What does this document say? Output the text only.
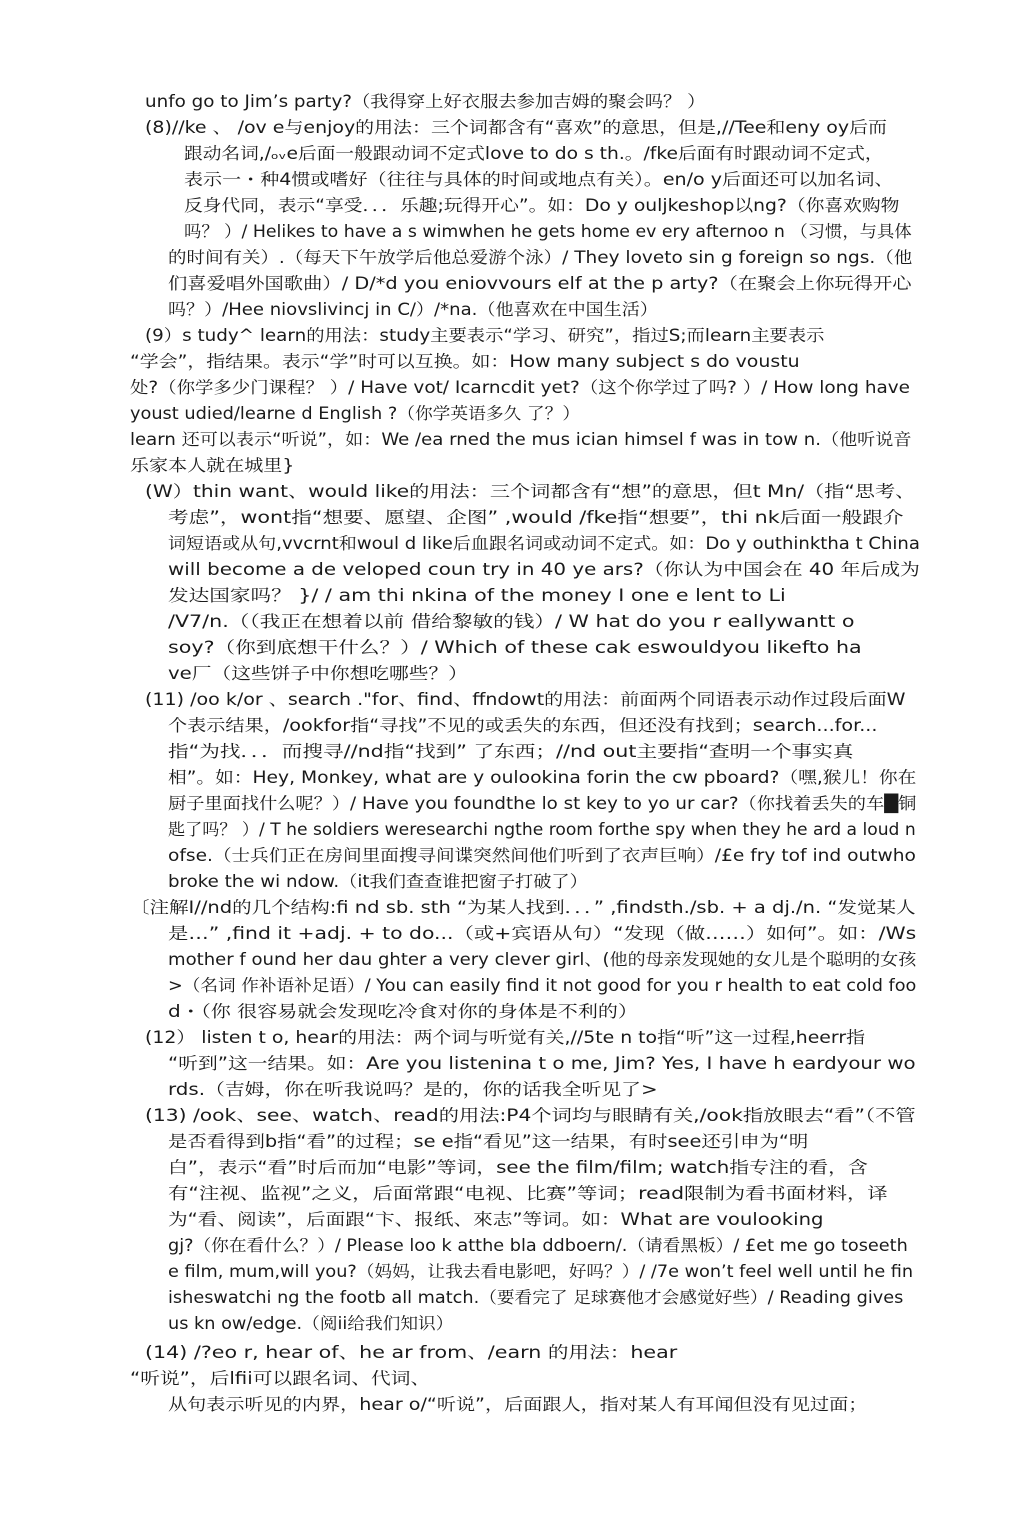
unfo go to Jim’s party?（我得穿上好衣服去参加吉姆的聚会吗？ ）
(8)//ke 、 /ov e与enjoy的用法：三个词都含有“喜欢”的意思，但是,//Tee和eny oy后而
跟动名词,/ₒᵥe后面一般跟动词不定式love to do s th.。/fke后面有时跟动词不定式，
表示一・种4惯或嗜好（往往与具体的时间或地点有关）。en/o y后面还可以加名词、
反身代同，表示“享受．．．乐趣;玩得开心”。如：Do y ouljkeshop以ng?（你喜欢购物
吗？ ）/ Helikes to have a s wimwhen he gets home ev ery afternoo n （习惯，与具体
的时间有关）.（每天下午放学后他总爱游个泳）/ They loveto sin g foreign so ngs.（他
们喜爱唱外国歌曲）/ D/*d you eniovvours elf at the p arty?（在聚会上你玩得开心
吗？）/Hee niovslivincj in C/）/*na.（他喜欢在中国生活）
(9）s tudy^ learn的用法：study主要表示“学习、研究”，指过S;而learn主要表示
“学会”，指结果。表示“学”时可以互换。如：How many subject s do voustu
处?（你学多少门课程？ ）/ Have vot/ Icarncdit yet?（这个你学过了吗? ）/ How long have
youst udied/learne d English ?（你学英语多久 了？）
learn 还可以表示“听说”，如：We /ea rned the mus ician himsel f was in tow n.（他听说音
乐家本人就在城里}
(W）thin want、would like的用法：三个词都含有“想”的意思，但t Mn/（指“思考、
考虑”，wont指“想要、愿望、企图” ,would /fke指“想要”，thi nk后面一般跟介
词短语或从句,vvcrnt和woul d like后血跟名词或动词不定式。如：Do y outhinktha t China
will become a de veloped coun try in 40 ye ars?（你认为中国会在 40 年后成为
发达国家吗？ }/ / am thi nkina of the money I one e lent to Li
/V7/n.（（我正在想着以前 借给黎敏的钱）/ W hat do you r eallywantt o
soy?（你到底想干什么？）/ Which of these cak eswouldyou likefto ha
ve厂（这些饼子中你想吃哪些？）
(11) /oo k/or 、search ."for、find、ffndowt的用法：前面两个同语表示动作过段后面W
个表示结果，/ookfor指“寻找”不见的或丢失的东西，但还没有找到；search...for...
指“为找．．．而搜寻//nd指“找到” 了东西；//nd out主要指“查明一个事实真
相”。如：Hey, Monkey, what are y oulookina forin the cw pboard?（嘿,猴儿！你在
厨子里面找什么呢？）/ Have you foundthe lo st key to yo ur car?（你找着丢失的车█铜
匙了吗？ ）/ T he soldiers weresearchi ngthe room forthe spy when they he ard a loud n
ofse.（士兵们正在房间里面搜寻间谍突然间他们听到了衣声巨响）/£e fry tof ind outwho
broke the wi ndow.（it我们查查谁把窗子打破了）
〔注解I//nd的几个结构:fi nd sb. sth “为某人找到．．．” ,findsth./sb. + a dj./n. “发觉某人
是…” ,find it +adj. + to do...（或+宾语从句）“发现（做……）如何”。如：/Ws
mother f ound her dau ghter a very clever girl、(他的母亲发现她的女儿是个聪明的女孩
>（名词 作补语补足语）/ You can easily find it not good for you r health to eat cold foo
d・（你 很容易就会发现吃冷食对你的身体是不利的）
(12） listen t o, hear的用法：两个词与听觉有关,//5te n to指“听”这一过程,heerr指
“听到”这一结果。如：Are you listenina t o me, Jim? Yes, I have h eardyour wo
rds.（吉姆，你在听我说吗？是的，你的话我全听见了>
(13) /ook、see、watch、read的用法:P4个词均与眼睛有关,/ook指放眼去“看”（不管
是否看得到b指“看”的过程；se e指“看见”这一结果，有时see还引申为“明
白”，表示“看”时后而加“电影”等词，see the film/film; watch指专注的看，含
有“注视、监视”之义，后面常跟“电视、比赛”等词；read限制为看书面材料，译
为“看、阅读”，后面跟“卞、报纸、來志”等词。如：What are voulooking
gj?（你在看什么？）/ Please loo k atthe bla ddboern/.（请看黑板）/ £et me go toseeth
e film, mum,will you?（妈妈，让我去看电影吧，好吗？）/ /7e won’t feel well until he fin
isheswatchi ng the footb all match.（要看完了 足球赛他才会感觉好些）/ Reading gives
us kn ow/edge.（阅ii给我们知识）
(14) /?eo r, hear of、he ar from、/earn 的用法：hear
“听说”，后lfii可以跟名词、代词、
从句表示听见的内界，hear o/“听说”，后面跟人，指对某人有耳闻但没有见过面；
